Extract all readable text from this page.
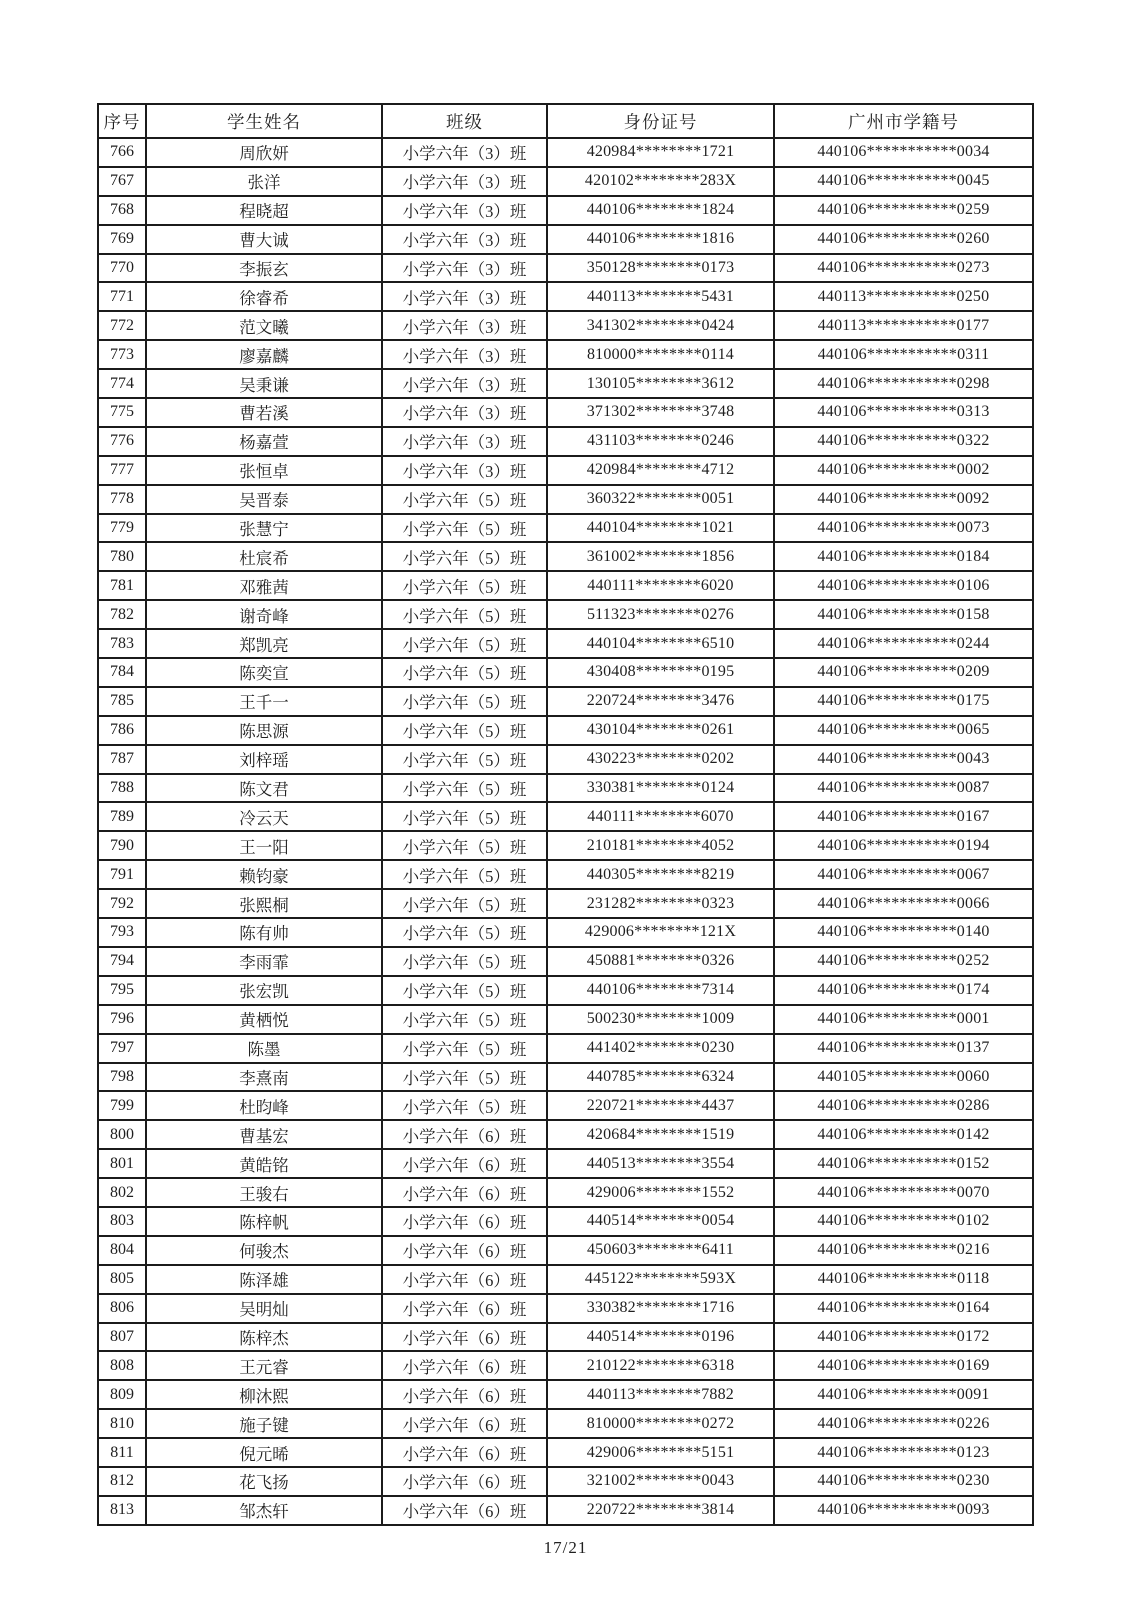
序号	学生姓名	班级	身份证号	广州市学籍号
766	周欣妍	小学六年（3）班	420984********1721	440106***********0034
767	张洋	小学六年（3）班	420102********283X	440106***********0045
768	程晓超	小学六年（3）班	440106********1824	440106***********0259
769	曹大诚	小学六年（3）班	440106********1816	440106***********0260
770	李振玄	小学六年（3）班	350128********0173	440106***********0273
771	徐睿希	小学六年（3）班	440113********5431	440113***********0250
772	范文曦	小学六年（3）班	341302********0424	440113***********0177
773	廖嘉麟	小学六年（3）班	810000********0114	440106***********0311
774	吴秉谦	小学六年（3）班	130105********3612	440106***********0298
775	曹若溪	小学六年（3）班	371302********3748	440106***********0313
776	杨嘉萱	小学六年（3）班	431103********0246	440106***********0322
777	张恒卓	小学六年（3）班	420984********4712	440106***********0002
778	吴晋泰	小学六年（5）班	360322********0051	440106***********0092
779	张慧宁	小学六年（5）班	440104********1021	440106***********0073
780	杜宸希	小学六年（5）班	361002********1856	440106***********0184
781	邓雅茜	小学六年（5）班	440111********6020	440106***********0106
782	谢奇峰	小学六年（5）班	511323********0276	440106***********0158
783	郑凯亮	小学六年（5）班	440104********6510	440106***********0244
784	陈奕宣	小学六年（5）班	430408********0195	440106***********0209
785	王千一	小学六年（5）班	220724********3476	440106***********0175
786	陈思源	小学六年（5）班	430104********0261	440106***********0065
787	刘梓瑶	小学六年（5）班	430223********0202	440106***********0043
788	陈文君	小学六年（5）班	330381********0124	440106***********0087
789	冷云天	小学六年（5）班	440111********6070	440106***********0167
790	王一阳	小学六年（5）班	210181********4052	440106***********0194
791	赖钧豪	小学六年（5）班	440305********8219	440106***********0067
792	张熙桐	小学六年（5）班	231282********0323	440106***********0066
793	陈有帅	小学六年（5）班	429006********121X	440106***********0140
794	李雨霏	小学六年（5）班	450881********0326	440106***********0252
795	张宏凯	小学六年（5）班	440106********7314	440106***********0174
796	黄栖悦	小学六年（5）班	500230********1009	440106***********0001
797	陈墨	小学六年（5）班	441402********0230	440106***********0137
798	李熹南	小学六年（5）班	440785********6324	440105***********0060
799	杜昀峰	小学六年（5）班	220721********4437	440106***********0286
800	曹基宏	小学六年（6）班	420684********1519	440106***********0142
801	黄皓铭	小学六年（6）班	440513********3554	440106***********0152
802	王骏右	小学六年（6）班	429006********1552	440106***********0070
803	陈梓帆	小学六年（6）班	440514********0054	440106***********0102
804	何骏杰	小学六年（6）班	450603********6411	440106***********0216
805	陈泽雄	小学六年（6）班	445122********593X	440106***********0118
806	吴明灿	小学六年（6）班	330382********1716	440106***********0164
807	陈梓杰	小学六年（6）班	440514********0196	440106***********0172
808	王元睿	小学六年（6）班	210122********6318	440106***********0169
809	柳沐熙	小学六年（6）班	440113********7882	440106***********0091
810	施子键	小学六年（6）班	810000********0272	440106***********0226
811	倪元晞	小学六年（6）班	429006********5151	440106***********0123
812	花飞扬	小学六年（6）班	321002********0043	440106***********0230
813	邹杰轩	小学六年（6）班	220722********3814	440106***********0093
17/21
